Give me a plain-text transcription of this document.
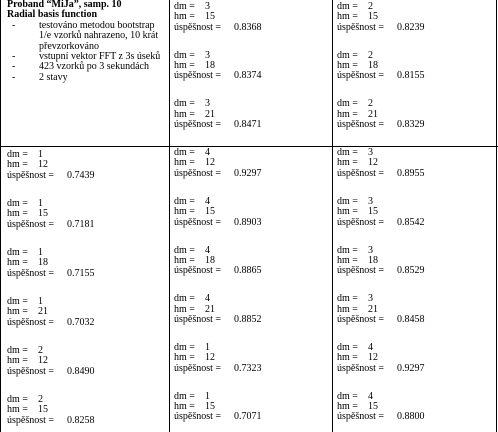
Proband “MiJa”, samp. 10
Radial basis function
- testováno metodou bootstrap 1/e vzorků nahrazeno, 10 krát převzorkováno
- vstupní vektor FFT z 3s úseků
- 423 vzorků po 3 sekundách
- 2 stavy
dm = 1
hm = 12
úspěšnost = 0.7439
dm = 1
hm = 15
úspěšnost = 0.7181
dm = 1
hm = 18
úspěšnost = 0.7155
dm = 1
hm = 21
úspěšnost = 0.7032
dm = 2
hm = 12
úspěšnost = 0.8490
dm = 2
hm = 15
úspěšnost = 0.8258
dm = 3
hm = 15
úspěšnost = 0.8368
dm = 3
hm = 18
úspěšnost = 0.8374
dm = 3
hm = 21
úspěšnost = 0.8471
dm = 4
hm = 12
úspěšnost = 0.9297
dm = 4
hm = 15
úspěšnost = 0.8903
dm = 4
hm = 18
úspěšnost = 0.8865
dm = 4
hm = 21
úspěšnost = 0.8852
dm = 1
hm = 12
úspěšnost = 0.7323
dm = 1
hm = 15
úspěšnost = 0.7071
dm = 2
hm = 15
úspěšnost = 0.8239
dm = 2
hm = 18
úspěšnost = 0.8155
dm = 2
hm = 21
úspěšnost = 0.8329
dm = 3
hm = 12
úspěšnost = 0.8955
dm = 3
hm = 15
úspěšnost = 0.8542
dm = 3
hm = 18
úspěšnost = 0.8529
dm = 3
hm = 21
úspěšnost = 0.8458
dm = 4
hm = 12
úspěšnost = 0.9297
dm = 4
hm = 15
úspěšnost = 0.8800
